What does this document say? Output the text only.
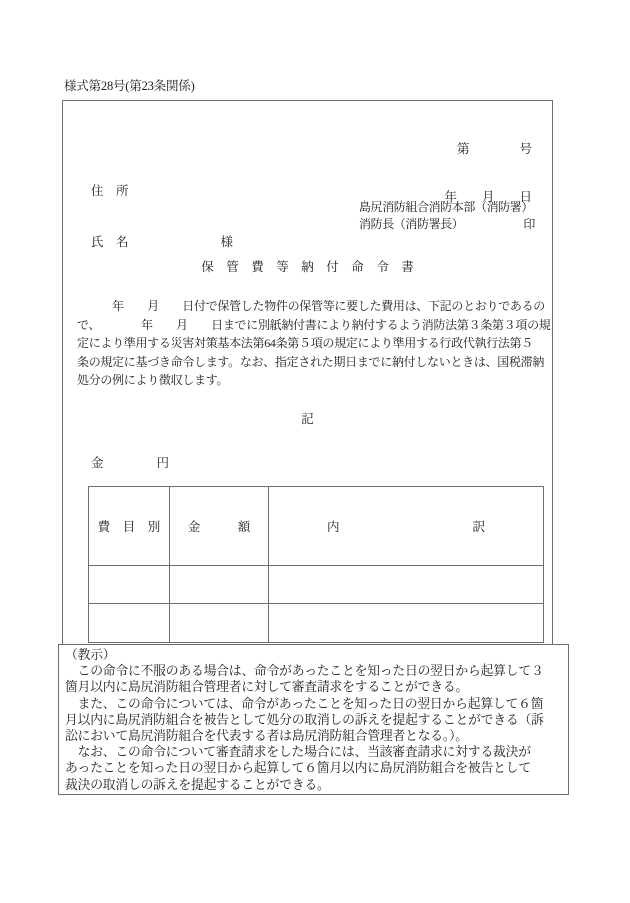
様式第28号(第23条関係)

第　　　　号

年　　月　　日

住　所

氏　名	様

島尻消防組合消防本部（消防署）
消防長（消防署長）	印
保　管　費　等　納　付　命　令　書
　　　年　　月　　日付で保管した物件の保管等に要した費用は、下記のとおりであるの
で、　　　　年　　月　　日までに別紙納付書により納付するよう消防法第３条第３項の規
定により準用する災害対策基本法第64条第５項の規定により準用する行政代執行法第５
条の規定に基づき命令します。なお、指定された期日までに納付しないときは、国税滞納
処分の例により徴収します。
記
金	円
費　目　別	金　　　額	内 訳

（教示）
　この命令に不服のある場合は、命令があったことを知った日の翌日から起算して３
箇月以内に島尻消防組合管理者に対して審査請求をすることができる。
　また、この命令については、命令があったことを知った日の翌日から起算して６箇
月以内に島尻消防組合を被告として処分の取消しの訴えを提起することができる（訴
訟において島尻消防組合を代表する者は島尻消防組合管理者となる。）。
　なお、この命令について審査請求をした場合には、当該審査請求に対する裁決が
あったことを知った日の翌日から起算して６箇月以内に島尻消防組合を被告として
裁決の取消しの訴えを提起することができる。
